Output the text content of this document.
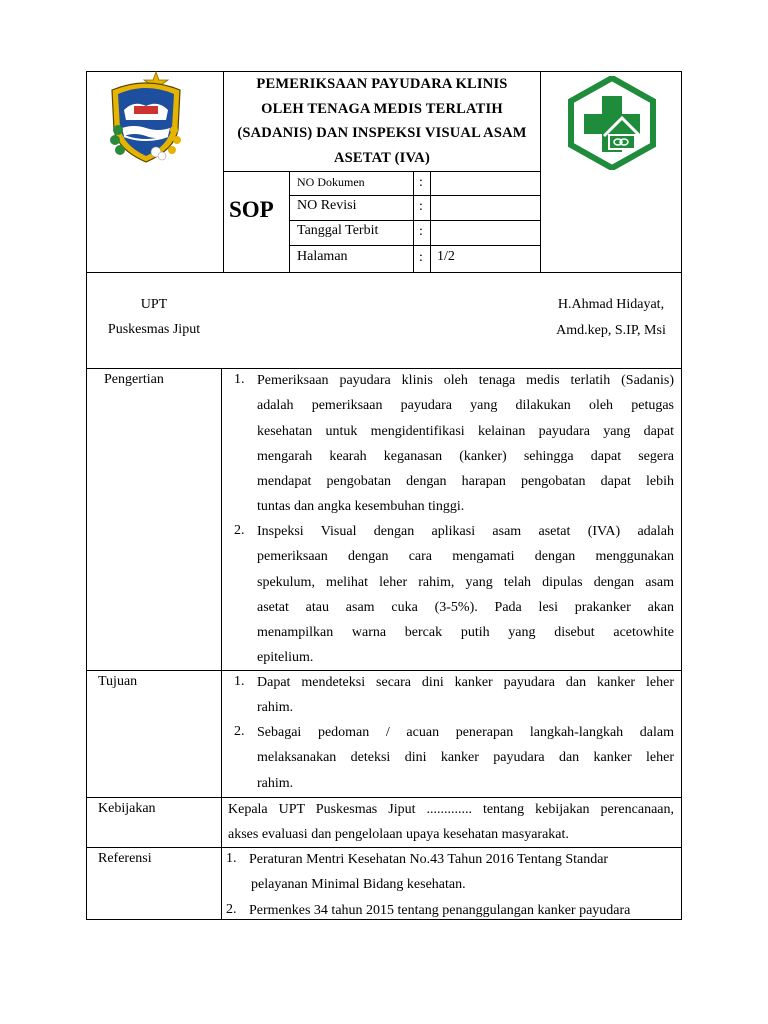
PEMERIKSAAN PAYUDARA KLINIS
OLEH TENAGA MEDIS TERLATIH
(SADANIS) DAN INSPEKSI VISUAL ASAM
ASETAT (IVA)
SOP
NO Dokumen	:
NO Revisi	:
Tanggal Terbit	:
Halaman	: 1/2
UPT
Puskesmas Jiput
H.Ahmad Hidayat,
Amd.kep, S.IP, Msi
Pengertian	1. Pemeriksaan payudara klinis oleh tenaga medis terlatih (Sadanis)
adalah pemeriksaan payudara yang dilakukan oleh petugas
kesehatan untuk mengidentifikasi kelainan payudara yang dapat
mengarah kearah keganasan (kanker) sehingga dapat segera
mendapat pengobatan dengan harapan pengobatan dapat lebih
tuntas dan angka kesembuhan tinggi.
2. Inspeksi Visual dengan aplikasi asam asetat (IVA) adalah
pemeriksaan dengan cara mengamati dengan menggunakan
spekulum, melihat leher rahim, yang telah dipulas dengan asam
asetat atau asam cuka (3-5%). Pada lesi prakanker akan
menampilkan warna bercak putih yang disebut acetowhite
epitelium.
Tujuan	1. Dapat mendeteksi secara dini kanker payudara dan kanker leher
rahim.
2. Sebagai pedoman / acuan penerapan langkah-langkah dalam
melaksanakan deteksi dini kanker payudara dan kanker leher
rahim.
Kebijakan	Kepala UPT Puskesmas Jiput ............. tentang kebijakan perencanaan,
akses evaluasi dan pengelolaan upaya kesehatan masyarakat.
Referensi	1. Peraturan Mentri Kesehatan No.43 Tahun 2016 Tentang Standar
pelayanan Minimal Bidang kesehatan.
2. Permenkes 34 tahun 2015 tentang penanggulangan kanker payudara
